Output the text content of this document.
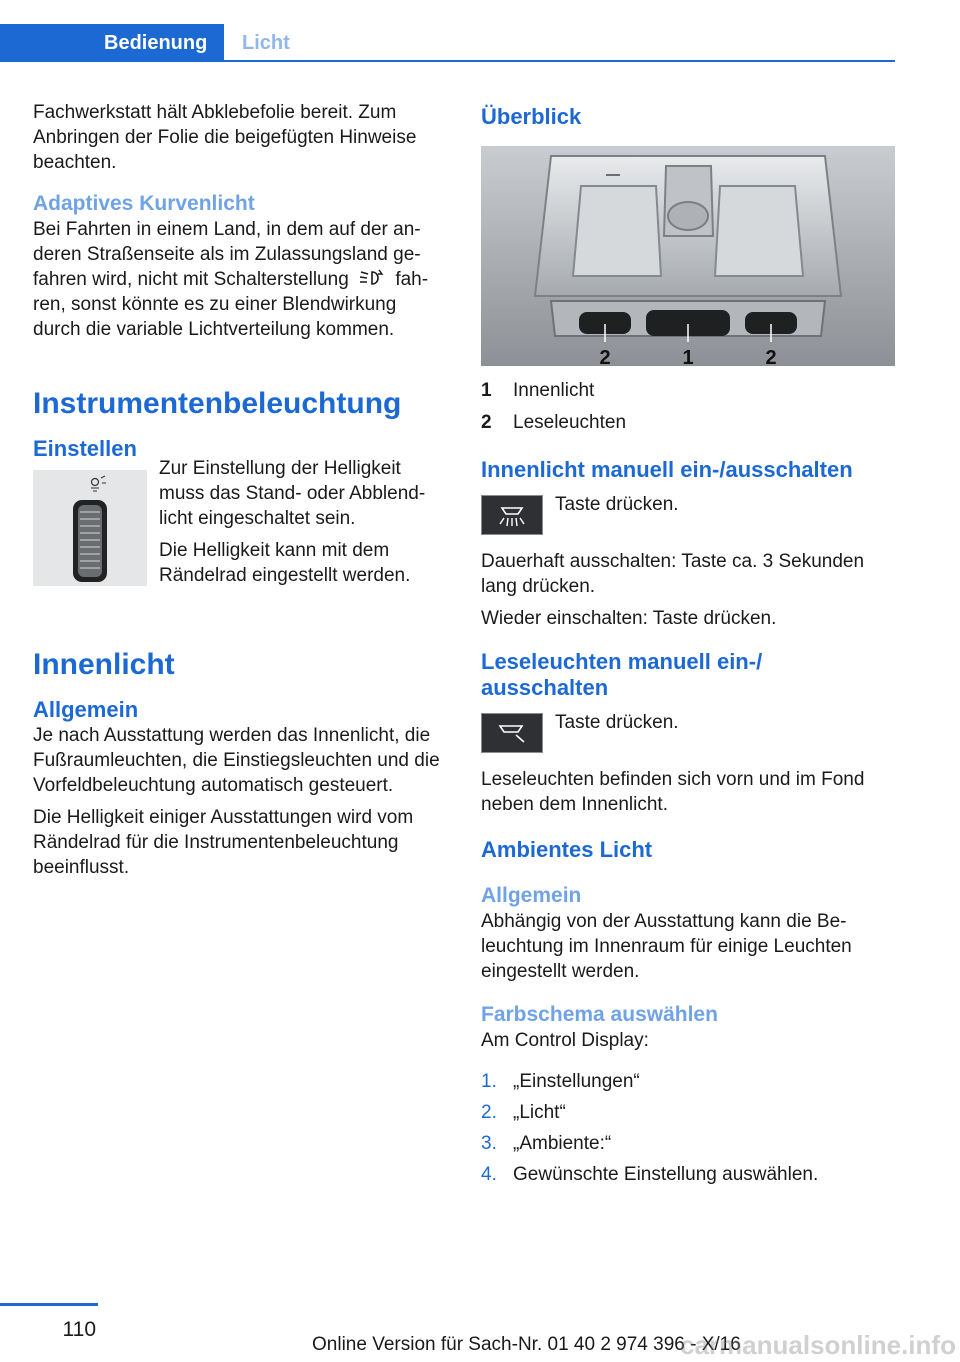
Bedienung	Licht

Fachwerkstatt hält Abklebefolie bereit. Zum Anbringen der Folie die beigefügten Hinweise beachten.

Adaptives Kurvenlicht

Bei Fahrten in einem Land, in dem auf der anderen Straßenseite als im Zulassungsland gefahren wird, nicht mit Schalterstellung fahren, sonst könnte es zu einer Blendwirkung durch die variable Lichtverteilung kommen.

Instrumentenbeleuchtung
Einstellen

Zur Einstellung der Helligkeit muss das Stand- oder Abblendlicht eingeschaltet sein.

Die Helligkeit kann mit dem Rändelrad eingestellt werden.

Innenlicht
Allgemein

Je nach Ausstattung werden das Innenlicht, die Fußraumleuchten, die Einstiegsleuchten und die Vorfeldbeleuchtung automatisch gesteuert.

Die Helligkeit einiger Ausstattungen wird vom Rändelrad für die Instrumentenbeleuchtung beeinflusst.

Überblick
2	1	2
1	Innenlicht
2	Leseleuchten
Innenlicht manuell ein-/ausschalten
Taste drücken.

Dauerhaft ausschalten: Taste ca. 3 Sekunden lang drücken.

Wieder einschalten: Taste drücken.

Leseleuchten manuell ein-/ ausschalten
Taste drücken.

Leseleuchten befinden sich vorn und im Fond neben dem Innenlicht.

Ambientes Licht
Allgemein

Abhängig von der Ausstattung kann die Beleuchtung im Innenraum für einige Leuchten eingestellt werden.

Farbschema auswählen

Am Control Display:

1. „Einstellungen“
2. „Licht“
3. „Ambiente:“
4. Gewünschte Einstellung auswählen.
110
Online Version für Sach-Nr. 01 40 2 974 396 - X/16
carmanualsonline.info
